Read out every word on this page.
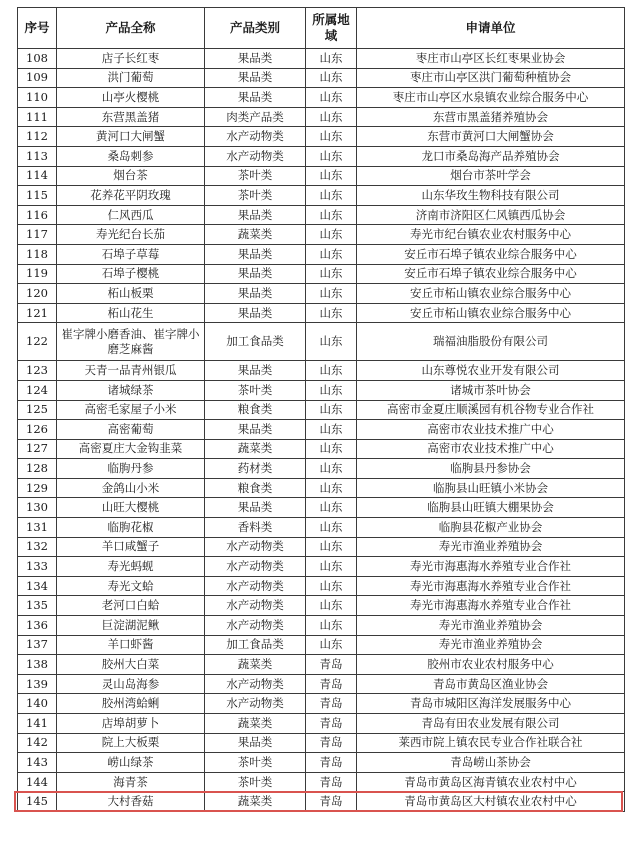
序号	产品全称	产品类别	所属地域	申请单位
108	店子长红枣	果品类	山东	枣庄市山亭区长红枣果业协会
109	洪门葡萄	果品类	山东	枣庄市山亭区洪门葡萄种植协会
110	山亭火樱桃	果品类	山东	枣庄市山亭区水泉镇农业综合服务中心
111	东营黑盖猪	肉类产品类	山东	东营市黑盖猪养殖协会
112	黄河口大闸蟹	水产动物类	山东	东营市黄河口大闸蟹协会
113	桑岛刺参	水产动物类	山东	龙口市桑岛海产品养殖协会
114	烟台茶	茶叶类	山东	烟台市茶叶学会
115	花养花平阴玫瑰	茶叶类	山东	山东华玫生物科技有限公司
116	仁风西瓜	果品类	山东	济南市济阳区仁风镇西瓜协会
117	寿光纪台长茄	蔬菜类	山东	寿光市纪台镇农业农村服务中心
118	石埠子草莓	果品类	山东	安丘市石埠子镇农业综合服务中心
119	石埠子樱桃	果品类	山东	安丘市石埠子镇农业综合服务中心
120	柘山板栗	果品类	山东	安丘市柘山镇农业综合服务中心
121	柘山花生	果品类	山东	安丘市柘山镇农业综合服务中心
122	崔字牌小磨香油、崔字牌小磨芝麻酱	加工食品类	山东	瑞福油脂股份有限公司
123	天青一品青州银瓜	果品类	山东	山东尊悦农业开发有限公司
124	诸城绿茶	茶叶类	山东	诸城市茶叶协会
125	高密毛家屋子小米	粮食类	山东	高密市金夏庄顺溪园有机谷物专业合作社
126	高密葡萄	果品类	山东	高密市农业技术推广中心
127	高密夏庄大金钩韭菜	蔬菜类	山东	高密市农业技术推广中心
128	临朐丹参	药材类	山东	临朐县丹参协会
129	金鸽山小米	粮食类	山东	临朐县山旺镇小米协会
130	山旺大樱桃	果品类	山东	临朐县山旺镇大棚果协会
131	临朐花椒	香料类	山东	临朐县花椒产业协会
132	羊口咸蟹子	水产动物类	山东	寿光市渔业养殖协会
133	寿光蚂蚬	水产动物类	山东	寿光市海惠海水养殖专业合作社
134	寿光文蛤	水产动物类	山东	寿光市海惠海水养殖专业合作社
135	老河口白蛤	水产动物类	山东	寿光市海惠海水养殖专业合作社
136	巨淀湖泥鳅	水产动物类	山东	寿光市渔业养殖协会
137	羊口虾酱	加工食品类	山东	寿光市渔业养殖协会
138	胶州大白菜	蔬菜类	青岛	胶州市农业农村服务中心
139	灵山岛海参	水产动物类	青岛	青岛市黄岛区渔业协会
140	胶州湾蛤蜊	水产动物类	青岛	青岛市城阳区海洋发展服务中心
141	店埠胡萝卜	蔬菜类	青岛	青岛有田农业发展有限公司
142	院上大板栗	果品类	青岛	莱西市院上镇农民专业合作社联合社
143	崂山绿茶	茶叶类	青岛	青岛崂山茶协会
144	海青茶	茶叶类	青岛	青岛市黄岛区海青镇农业农村中心
145	大村香菇	蔬菜类	青岛	青岛市黄岛区大村镇农业农村中心
